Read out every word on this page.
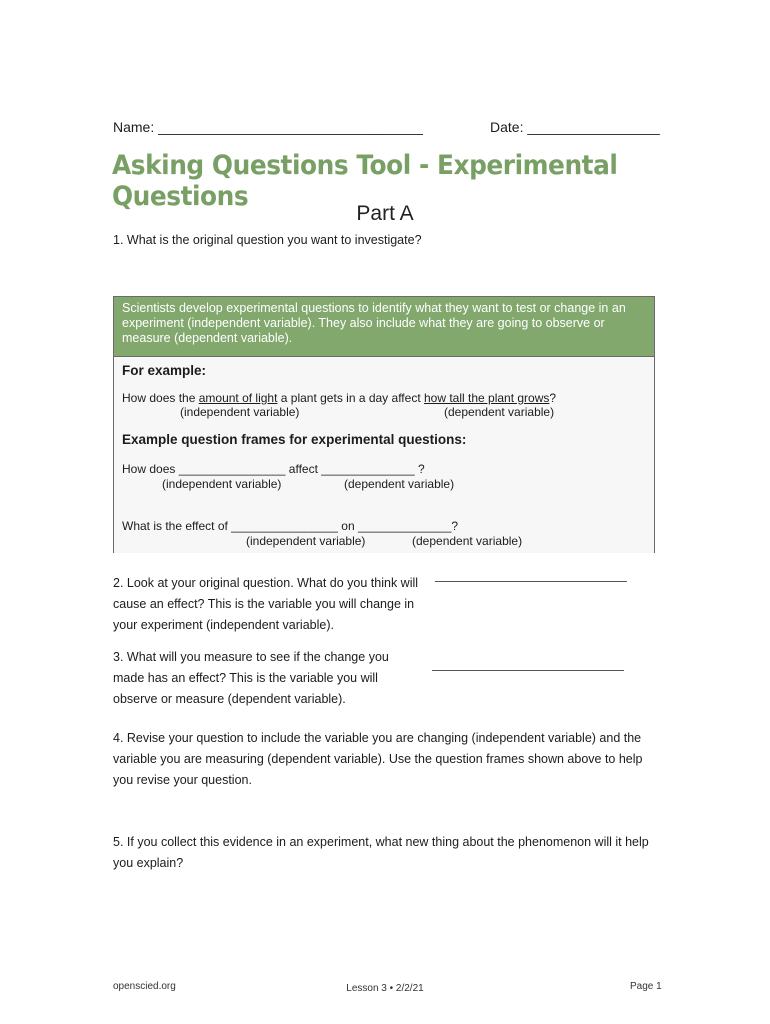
Name: __________________________________	Date: _________________
Asking Questions Tool - Experimental Questions
Part A
1. What is the original question you want to investigate?
Scientists develop experimental questions to identify what they want to test or change in an experiment (independent variable). They also include what they are going to observe or measure (dependent variable).
For example:
How does the amount of light a plant gets in a day affect how tall the plant grows?
(independent variable)	(dependent variable)
Example question frames for experimental questions:
How does ________________ affect ______________ ?
(independent variable)	(dependent variable)
What is the effect of ________________ on ______________?
(independent variable)	(dependent variable)
2. Look at your original question. What do you think will cause an effect? This is the variable you will change in your experiment (independent variable).
3. What will you measure to see if the change you made has an effect? This is the variable you will observe or measure (dependent variable).
4. Revise your question to include the variable you are changing (independent variable) and the variable you are measuring (dependent variable). Use the question frames shown above to help you revise your question.
5. If you collect this evidence in an experiment, what new thing about the phenomenon will it help you explain?
openscied.org	Lesson 3 • 2/2/21	Page 1
